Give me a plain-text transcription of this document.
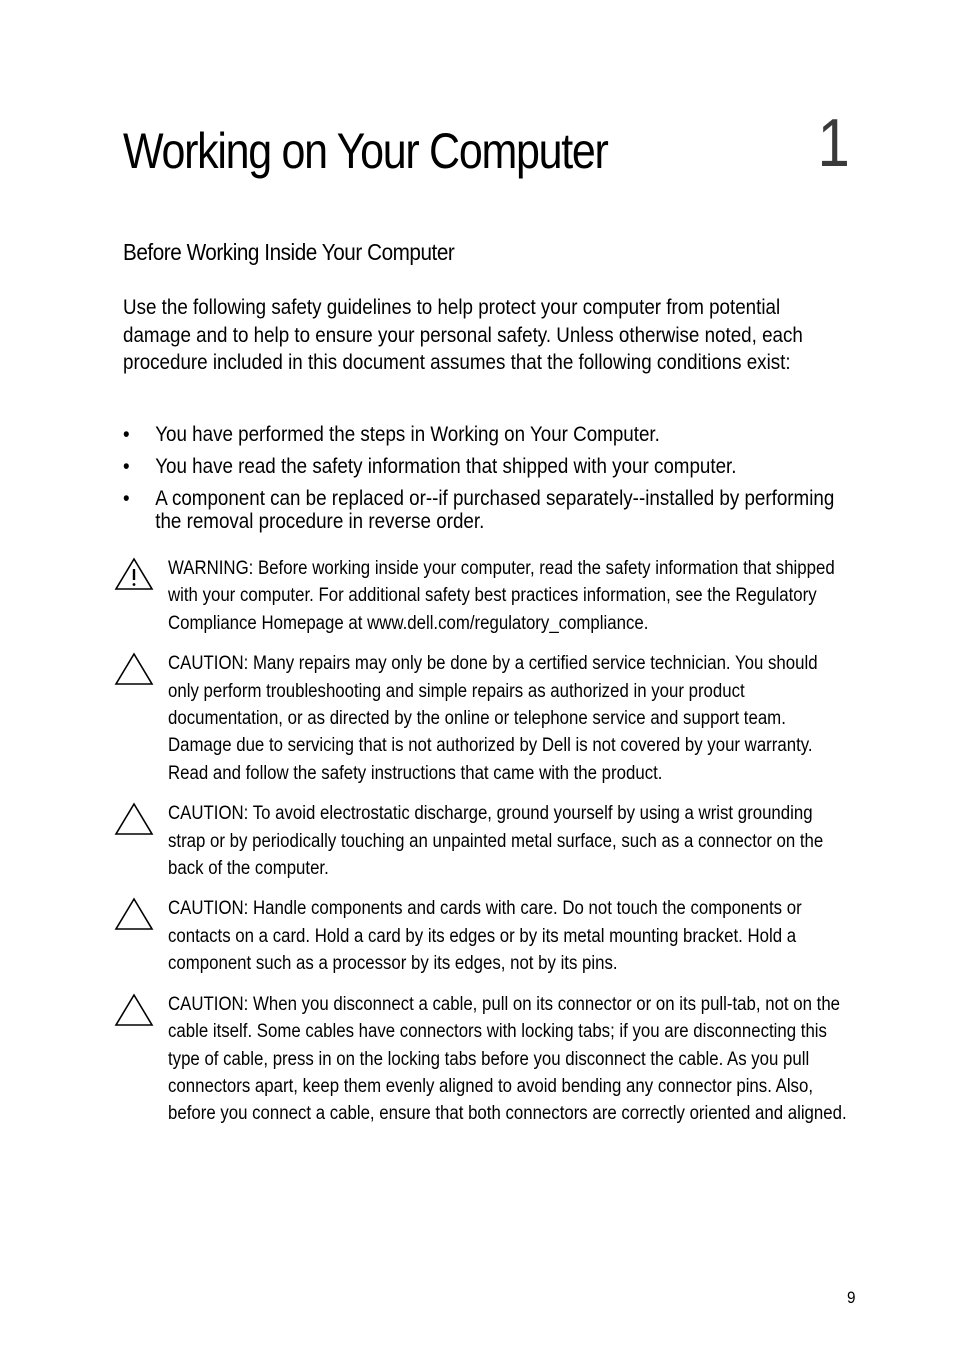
Working on Your Computer	1
Before Working Inside Your Computer

Use the following safety guidelines to help protect your computer from potential damage and to help to ensure your personal safety. Unless otherwise noted, each procedure included in this document assumes that the following conditions exist:

• You have performed the steps in Working on Your Computer.
• You have read the safety information that shipped with your computer.
• A component can be replaced or--if purchased separately--installed by performing the removal procedure in reverse order.
WARNING: Before working inside your computer, read the safety information that shipped with your computer. For additional safety best practices information, see the Regulatory Compliance Homepage at www.dell.com/regulatory_compliance.
CAUTION: Many repairs may only be done by a certified service technician. You should only perform troubleshooting and simple repairs as authorized in your product documentation, or as directed by the online or telephone service and support team. Damage due to servicing that is not authorized by Dell is not covered by your warranty. Read and follow the safety instructions that came with the product.
CAUTION: To avoid electrostatic discharge, ground yourself by using a wrist grounding strap or by periodically touching an unpainted metal surface, such as a connector on the back of the computer.
CAUTION: Handle components and cards with care. Do not touch the components or contacts on a card. Hold a card by its edges or by its metal mounting bracket. Hold a component such as a processor by its edges, not by its pins.
CAUTION: When you disconnect a cable, pull on its connector or on its pull-tab, not on the cable itself. Some cables have connectors with locking tabs; if you are disconnecting this type of cable, press in on the locking tabs before you disconnect the cable. As you pull connectors apart, keep them evenly aligned to avoid bending any connector pins. Also, before you connect a cable, ensure that both connectors are correctly oriented and aligned.
9
